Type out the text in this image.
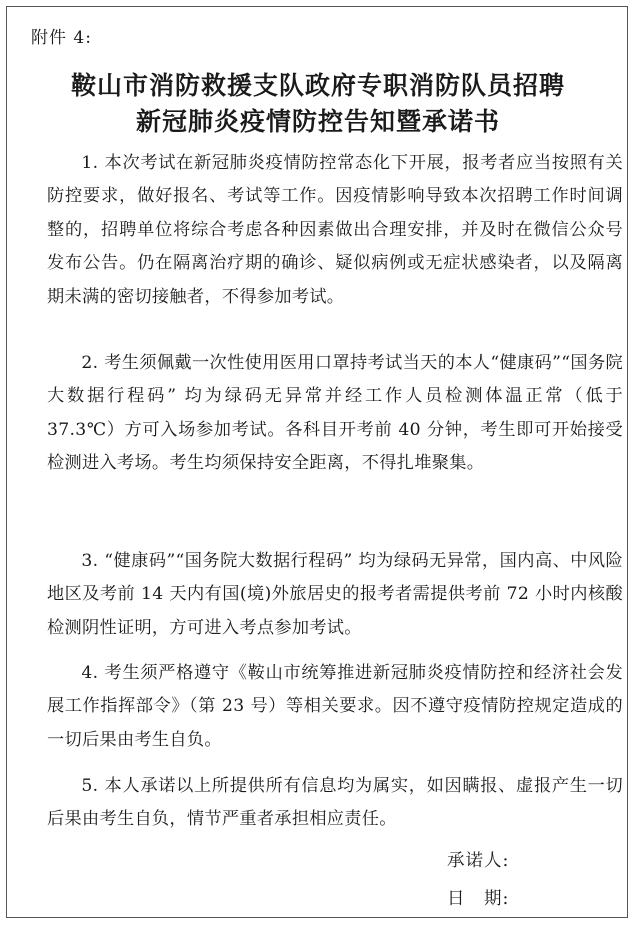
附件 4:
鞍山市消防救援支队政府专职消防队员招聘
新冠肺炎疫情防控告知暨承诺书
1. 本次考试在新冠肺炎疫情防控常态化下开展，报考者应当按照有关防控要求，做好报名、考试等工作。因疫情影响导致本次招聘工作时间调整的，招聘单位将综合考虑各种因素做出合理安排，并及时在微信公众号发布公告。仍在隔离治疗期的确诊、疑似病例或无症状感染者，以及隔离期未满的密切接触者，不得参加考试。
2. 考生须佩戴一次性使用医用口罩持考试当天的本人“健康码”“国务院大数据行程码” 均为绿码无异常并经工作人员检测体温正常（低于 37.3℃）方可入场参加考试。各科目开考前 40 分钟，考生即可开始接受检测进入考场。考生均须保持安全距离，不得扎堆聚集。
3. “健康码”“国务院大数据行程码” 均为绿码无异常，国内高、中风险地区及考前 14 天内有国(境)外旅居史的报考者需提供考前 72 小时内核酸检测阴性证明，方可进入考点参加考试。
4. 考生须严格遵守《鞍山市统筹推进新冠肺炎疫情防控和经济社会发展工作指挥部令》（第 23 号）等相关要求。因不遵守疫情防控规定造成的一切后果由考生自负。
5. 本人承诺以上所提供所有信息均为属实，如因瞒报、虚报产生一切后果由考生自负，情节严重者承担相应责任。
承诺人:
日　期:
